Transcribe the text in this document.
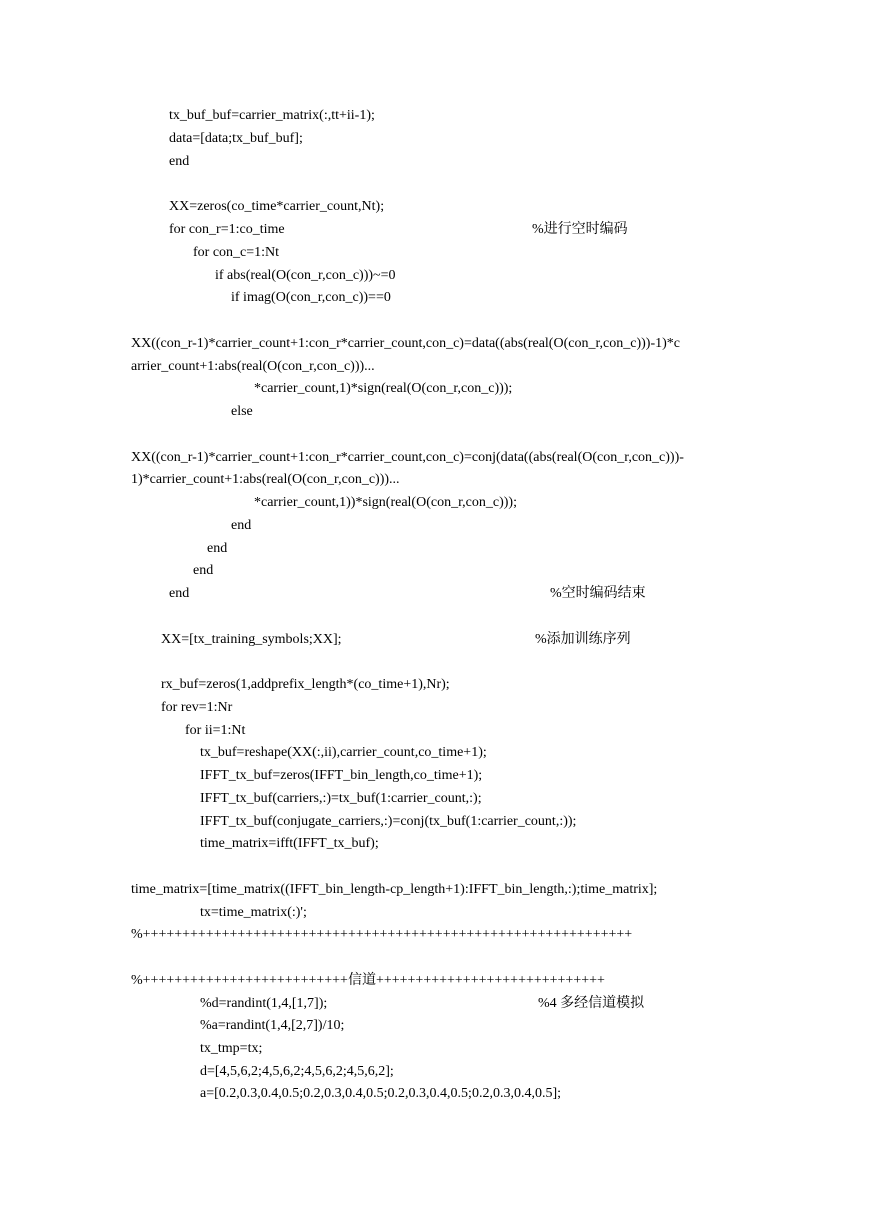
tx_buf_buf=carrier_matrix(:,tt+ii-1);
data=[data;tx_buf_buf];
end
XX=zeros(co_time*carrier_count,Nt);
for con_r=1:co_time	%进行空时编码
for con_c=1:Nt
if abs(real(O(con_r,con_c)))~=0
if imag(O(con_r,con_c))==0
XX((con_r-1)*carrier_count+1:con_r*carrier_count,con_c)=data((abs(real(O(con_r,con_c)))-1)*c
arrier_count+1:abs(real(O(con_r,con_c)))...
*carrier_count,1)*sign(real(O(con_r,con_c)));
else
XX((con_r-1)*carrier_count+1:con_r*carrier_count,con_c)=conj(data((abs(real(O(con_r,con_c)))-
1)*carrier_count+1:abs(real(O(con_r,con_c)))...
*carrier_count,1))*sign(real(O(con_r,con_c)));
end
end
end
end	%空时编码结束
XX=[tx_training_symbols;XX];	%添加训练序列
rx_buf=zeros(1,addprefix_length*(co_time+1),Nr);
for rev=1:Nr
for ii=1:Nt
tx_buf=reshape(XX(:,ii),carrier_count,co_time+1);
IFFT_tx_buf=zeros(IFFT_bin_length,co_time+1);
IFFT_tx_buf(carriers,:)=tx_buf(1:carrier_count,:);
IFFT_tx_buf(conjugate_carriers,:)=conj(tx_buf(1:carrier_count,:));
time_matrix=ifft(IFFT_tx_buf);
time_matrix=[time_matrix((IFFT_bin_length-cp_length+1):IFFT_bin_length,:);time_matrix];
tx=time_matrix(:)';
%++++++++++++++++++++++++++++++++++++++++++++++++++++++++++++++
%++++++++++++++++++++++++++信道+++++++++++++++++++++++++++++
%d=randint(1,4,[1,7]);	%4 多经信道模拟
%a=randint(1,4,[2,7])/10;
tx_tmp=tx;
d=[4,5,6,2;4,5,6,2;4,5,6,2;4,5,6,2];
a=[0.2,0.3,0.4,0.5;0.2,0.3,0.4,0.5;0.2,0.3,0.4,0.5;0.2,0.3,0.4,0.5];
